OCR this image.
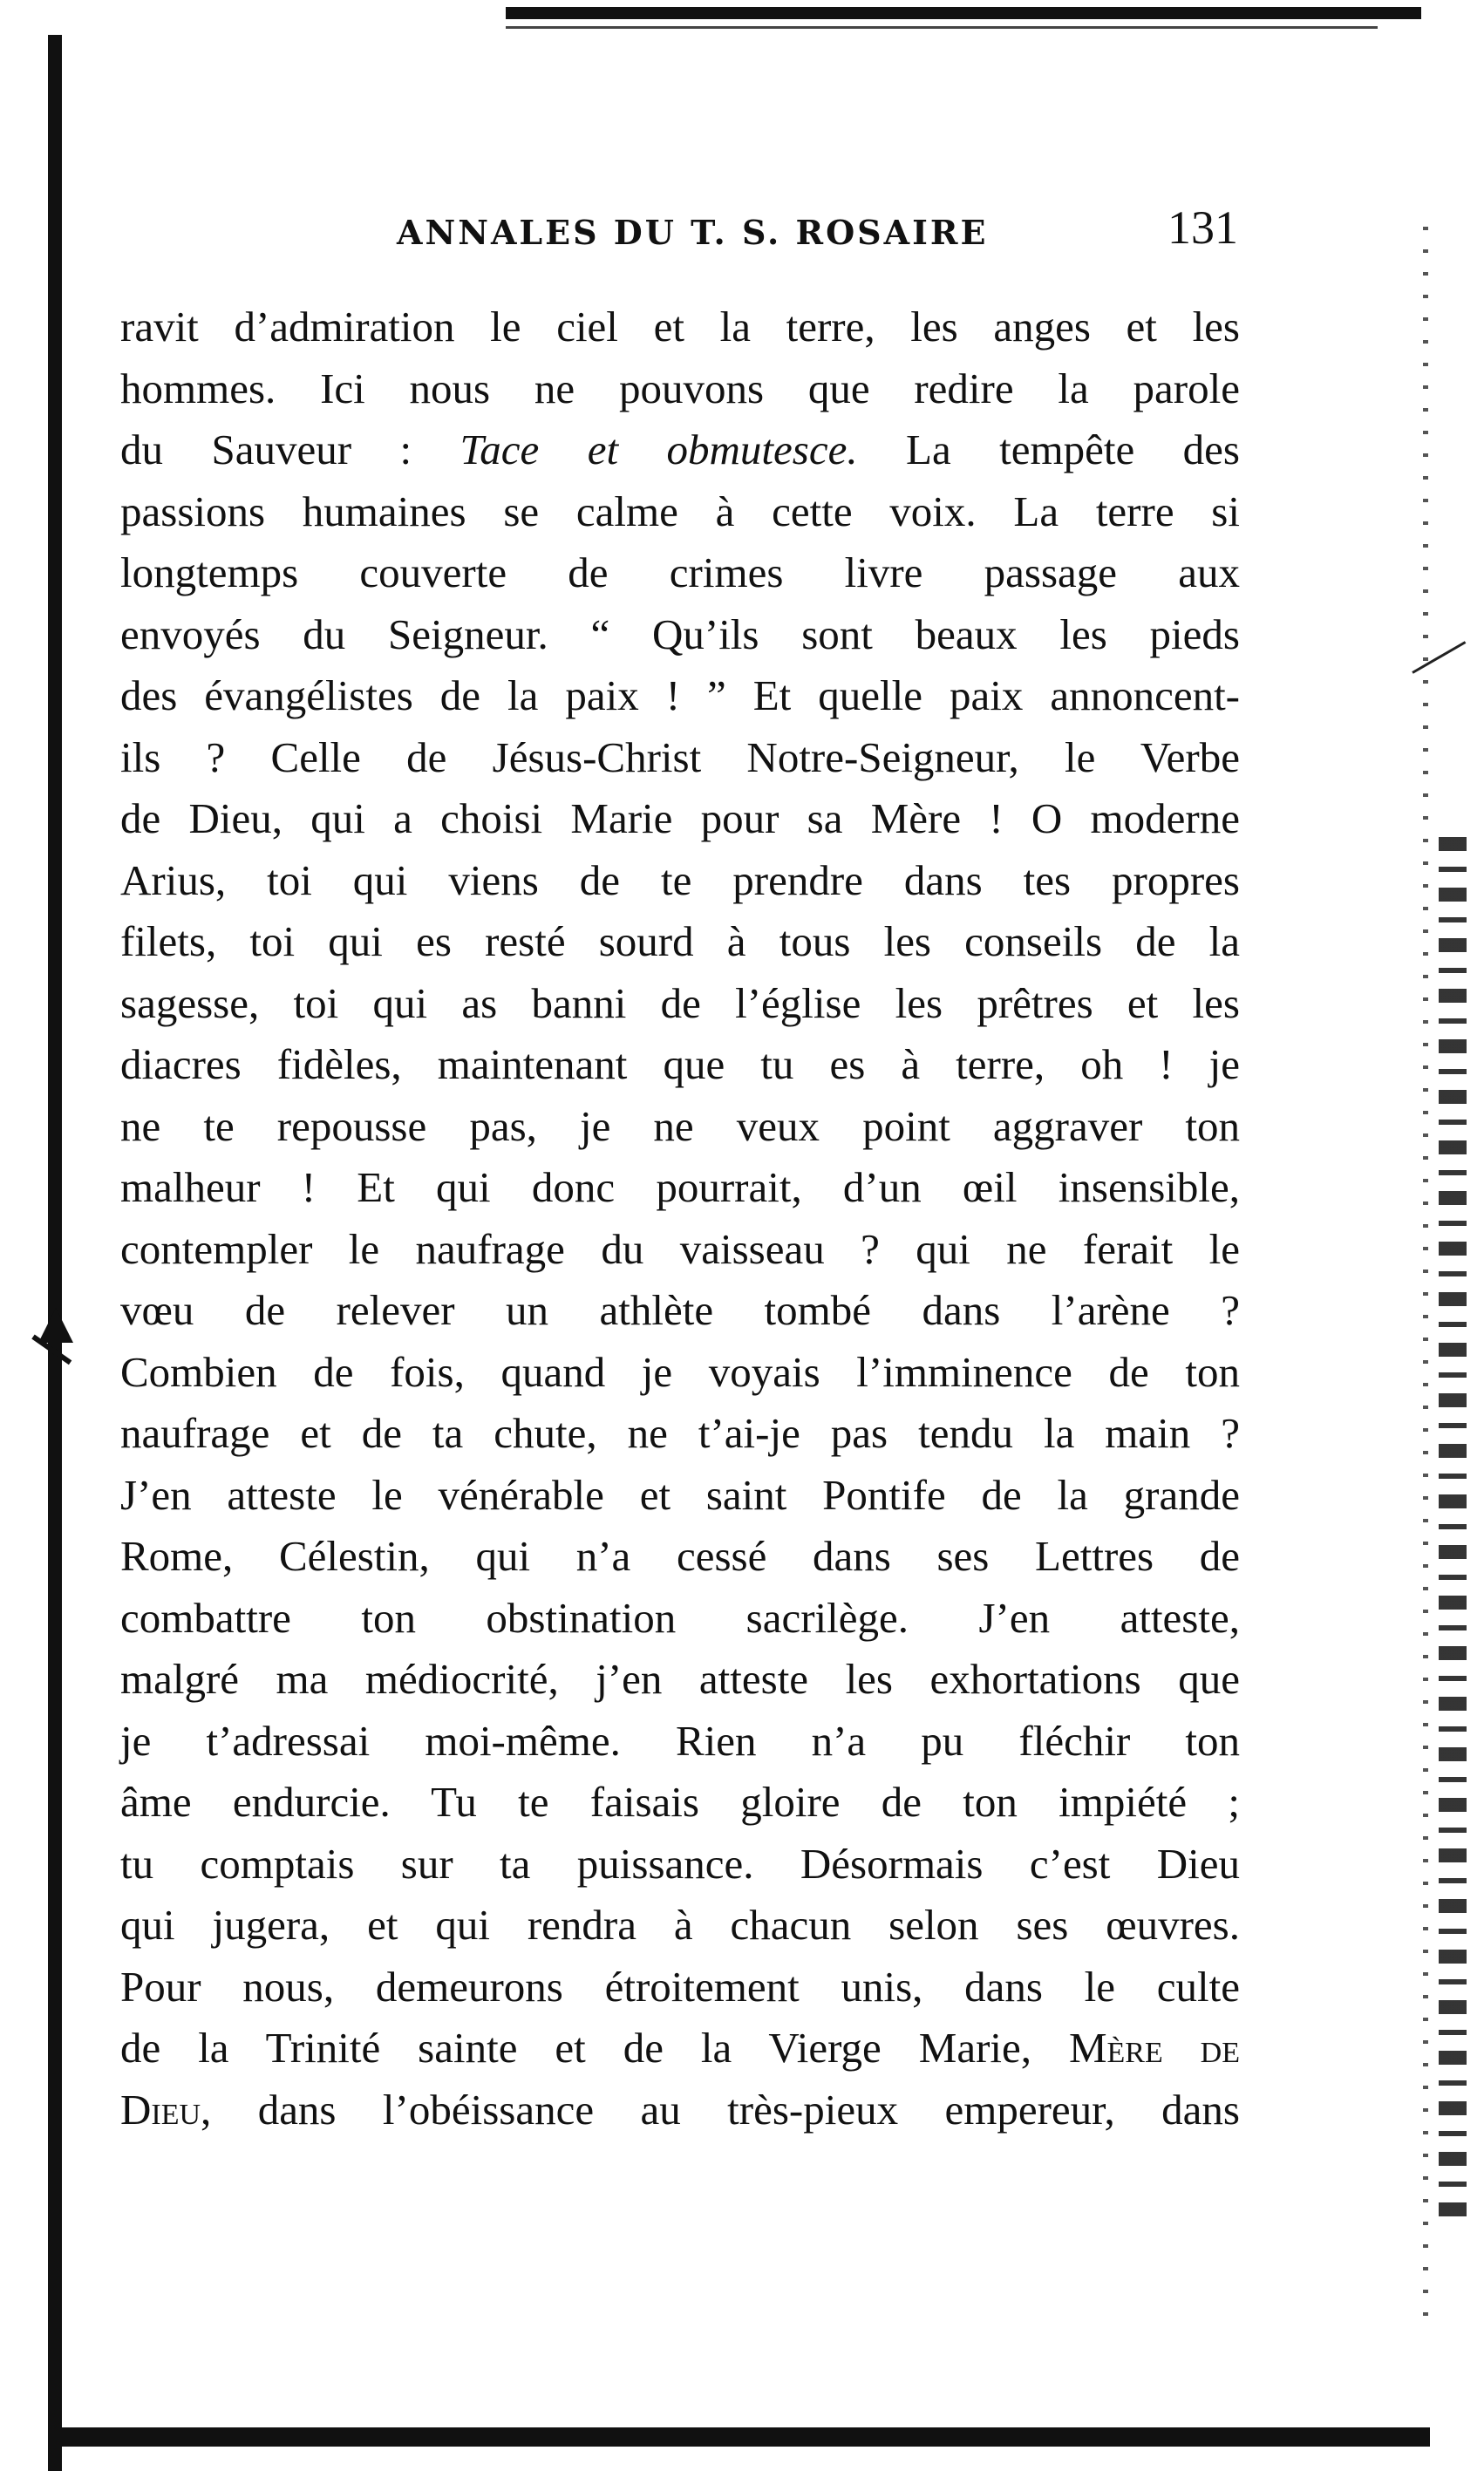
ANNALES DU T. S. ROSAIRE	131
ravit d’admiration le ciel et la terre, les anges et les
hommes. Ici nous ne pouvons que redire la parole
du Sauveur : Tace et obmutesce. La tempête des
passions humaines se calme à cette voix. La terre si
longtemps couverte de crimes livre passage aux
envoyés du Seigneur. “ Qu’ils sont beaux les pieds
des évangélistes de la paix ! ” Et quelle paix annoncent-
ils ? Celle de Jésus-Christ Notre-Seigneur, le Verbe
de Dieu, qui a choisi Marie pour sa Mère ! O moderne
Arius, toi qui viens de te prendre dans tes propres
filets, toi qui es resté sourd à tous les conseils de la
sagesse, toi qui as banni de l’église les prêtres et les
diacres fidèles, maintenant que tu es à terre, oh ! je
ne te repousse pas, je ne veux point aggraver ton
malheur ! Et qui donc pourrait, d’un œil insensible,
contempler le naufrage du vaisseau ? qui ne ferait le
vœu de relever un athlète tombé dans l’arène ?
Combien de fois, quand je voyais l’imminence de ton
naufrage et de ta chute, ne t’ai-je pas tendu la main ?
J’en atteste le vénérable et saint Pontife de la grande
Rome, Célestin, qui n’a cessé dans ses Lettres de
combattre ton obstination sacrilège. J’en atteste,
malgré ma médiocrité, j’en atteste les exhortations que
je t’adressai moi-même. Rien n’a pu fléchir ton
âme endurcie. Tu te faisais gloire de ton impiété ;
tu comptais sur ta puissance. Désormais c’est Dieu
qui jugera, et qui rendra à chacun selon ses œuvres.
Pour nous, demeurons étroitement unis, dans le culte
de la Trinité sainte et de la Vierge Marie, Mère de
Dieu, dans l’obéissance au très-pieux empereur, dans
